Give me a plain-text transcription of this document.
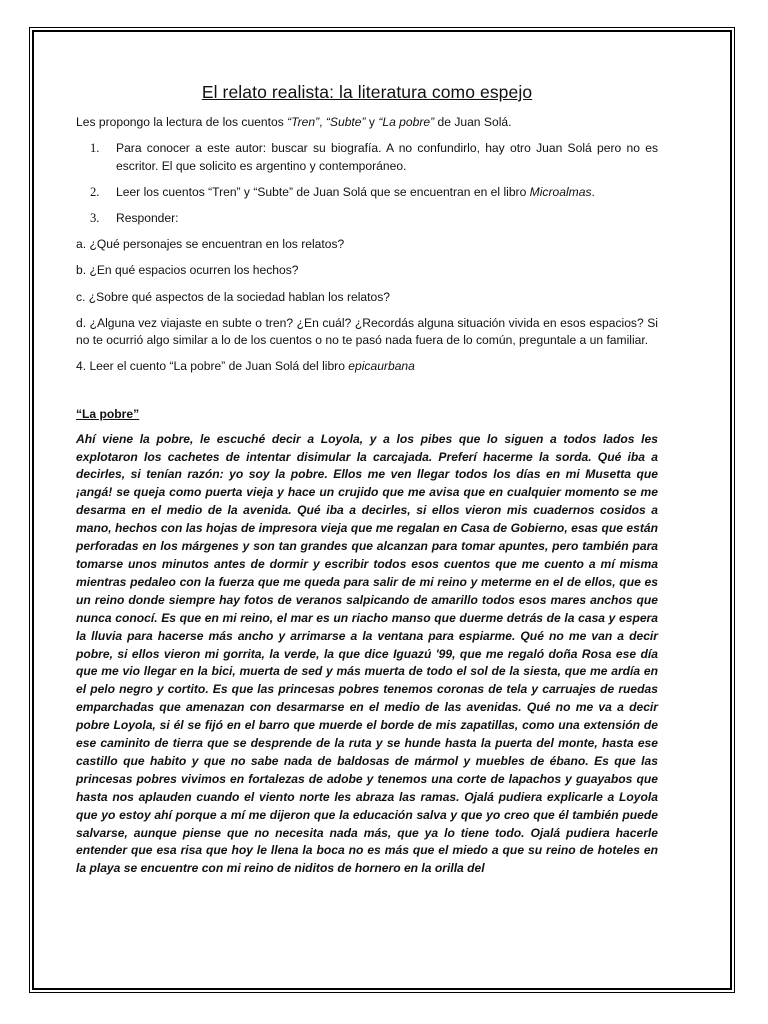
El relato realista: la literatura como espejo

Les propongo la lectura de los cuentos “Tren”, “Subte” y “La pobre” de Juan Solá.

1.	Para conocer a este autor: buscar su biografía. A no confundirlo, hay otro Juan Solá pero no es escritor. El que solicito es argentino y contemporáneo.
2.	Leer los cuentos “Tren” y “Subte” de Juan Solá que se encuentran en el libro Microalmas.
3.	Responder:

a. ¿Qué personajes se encuentran en los relatos?

b. ¿En qué espacios ocurren los hechos?

c. ¿Sobre qué aspectos de la sociedad hablan los relatos?

d. ¿Alguna vez viajaste en subte o tren? ¿En cuál? ¿Recordás alguna situación vivida en esos espacios? Si no te ocurrió algo similar a lo de los cuentos o no te pasó nada fuera de lo común, preguntale a un familiar.

4. Leer el cuento “La pobre” de Juan Solá del libro epicaurbana

“La pobre”

Ahí viene la pobre, le escuché decir a Loyola, y a los pibes que lo siguen a todos lados les explotaron los cachetes de intentar disimular la carcajada. Preferí hacerme la sorda. Qué iba a decirles, si tenían razón: yo soy la pobre. Ellos me ven llegar todos los días en mi Musetta que ¡angá! se queja como puerta vieja y hace un crujido que me avisa que en cualquier momento se me desarma en el medio de la avenida. Qué iba a decirles, si ellos vieron mis cuadernos cosidos a mano, hechos con las hojas de impresora vieja que me regalan en Casa de Gobierno, esas que están perforadas en los márgenes y son tan grandes que alcanzan para tomar apuntes, pero también para tomarse unos minutos antes de dormir y escribir todos esos cuentos que me cuento a mí misma mientras pedaleo con la fuerza que me queda para salir de mi reino y meterme en el de ellos, que es un reino donde siempre hay fotos de veranos salpicando de amarillo todos esos mares anchos que nunca conocí. Es que en mi reino, el mar es un riacho manso que duerme detrás de la casa y espera la lluvia para hacerse más ancho y arrimarse a la ventana para espiarme. Qué no me van a decir pobre, si ellos vieron mi gorrita, la verde, la que dice Iguazú '99, que me regaló doña Rosa ese día que me vio llegar en la bici, muerta de sed y más muerta de todo el sol de la siesta, que me ardía en el pelo negro y cortito. Es que las princesas pobres tenemos coronas de tela y carruajes de ruedas emparchadas que amenazan con desarmarse en el medio de las avenidas. Qué no me va a decir pobre Loyola, si él se fijó en el barro que muerde el borde de mis zapatillas, como una extensión de ese caminito de tierra que se desprende de la ruta y se hunde hasta la puerta del monte, hasta ese castillo que habito y que no sabe nada de baldosas de mármol y muebles de ébano. Es que las princesas pobres vivimos en fortalezas de adobe y tenemos una corte de lapachos y guayabos que hasta nos aplauden cuando el viento norte les abraza las ramas. Ojalá pudiera explicarle a Loyola que yo estoy ahí porque a mí me dijeron que la educación salva y que yo creo que él también puede salvarse, aunque piense que no necesita nada más, que ya lo tiene todo. Ojalá pudiera hacerle entender que esa risa que hoy le llena la boca no es más que el miedo a que su reino de hoteles en la playa se encuentre con mi reino de niditos de hornero en la orilla del
